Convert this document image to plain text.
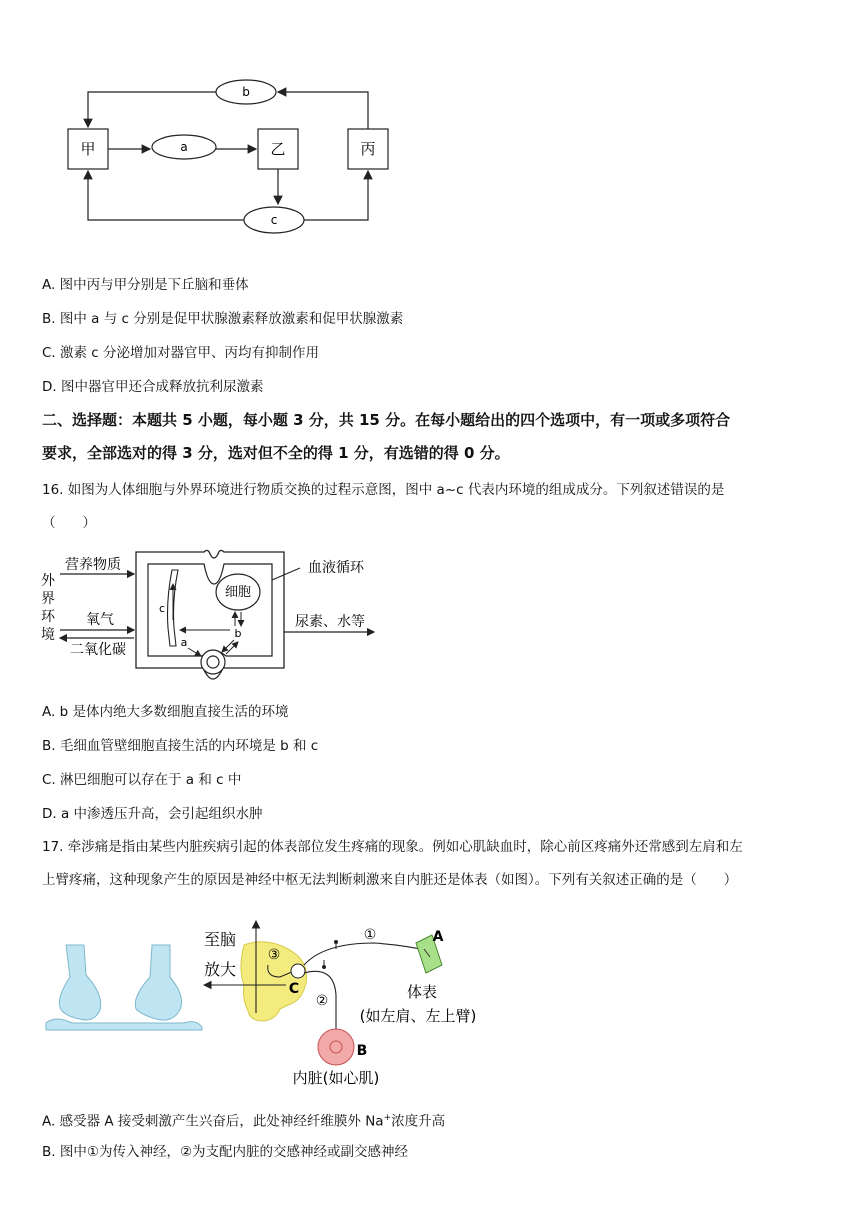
甲	乙	丙
a
b
c
A. 图中丙与甲分别是下丘脑和垂体
B. 图中 a 与 c 分别是促甲状腺激素释放激素和促甲状腺激素
C. 激素 c 分泌增加对器官甲、丙均有抑制作用
D. 图中器官甲还合成释放抗利尿激素
二、选择题：本题共 5 小题，每小题 3 分，共 15 分。在每小题给出的四个选项中，有一项或多项符合
要求，全部选对的得 3 分，选对但不全的得 1 分，有选错的得 0 分。
16. 如图为人体细胞与外界环境进行物质交换的过程示意图，图中 a~c 代表内环境的组成成分。下列叙述错误的是
（　　）
外
界
环
境
营养物质
氧气
二氧化碳
c
细胞
b
a
血液循环
尿素、水等
A. b 是体内绝大多数细胞直接生活的环境
B. 毛细血管壁细胞直接生活的内环境是 b 和 c
C. 淋巴细胞可以存在于 a 和 c 中
D. a 中渗透压升高，会引起组织水肿
17. 牵涉痛是指由某些内脏疾病引起的体表部位发生疼痛的现象。例如心肌缺血时，除心前区疼痛外还常感到左肩和左
上臂疼痛，这种现象产生的原因是神经中枢无法判断刺激来自内脏还是体表（如图）。下列有关叙述正确的是（　　）
至脑
放大
③
C
①	A
体表
(如左肩、左上臂)
②
B
内脏(如心肌)
A. 感受器 A 接受刺激产生兴奋后，此处神经纤维膜外 Na+浓度升高
B. 图中①为传入神经，②为支配内脏的交感神经或副交感神经
